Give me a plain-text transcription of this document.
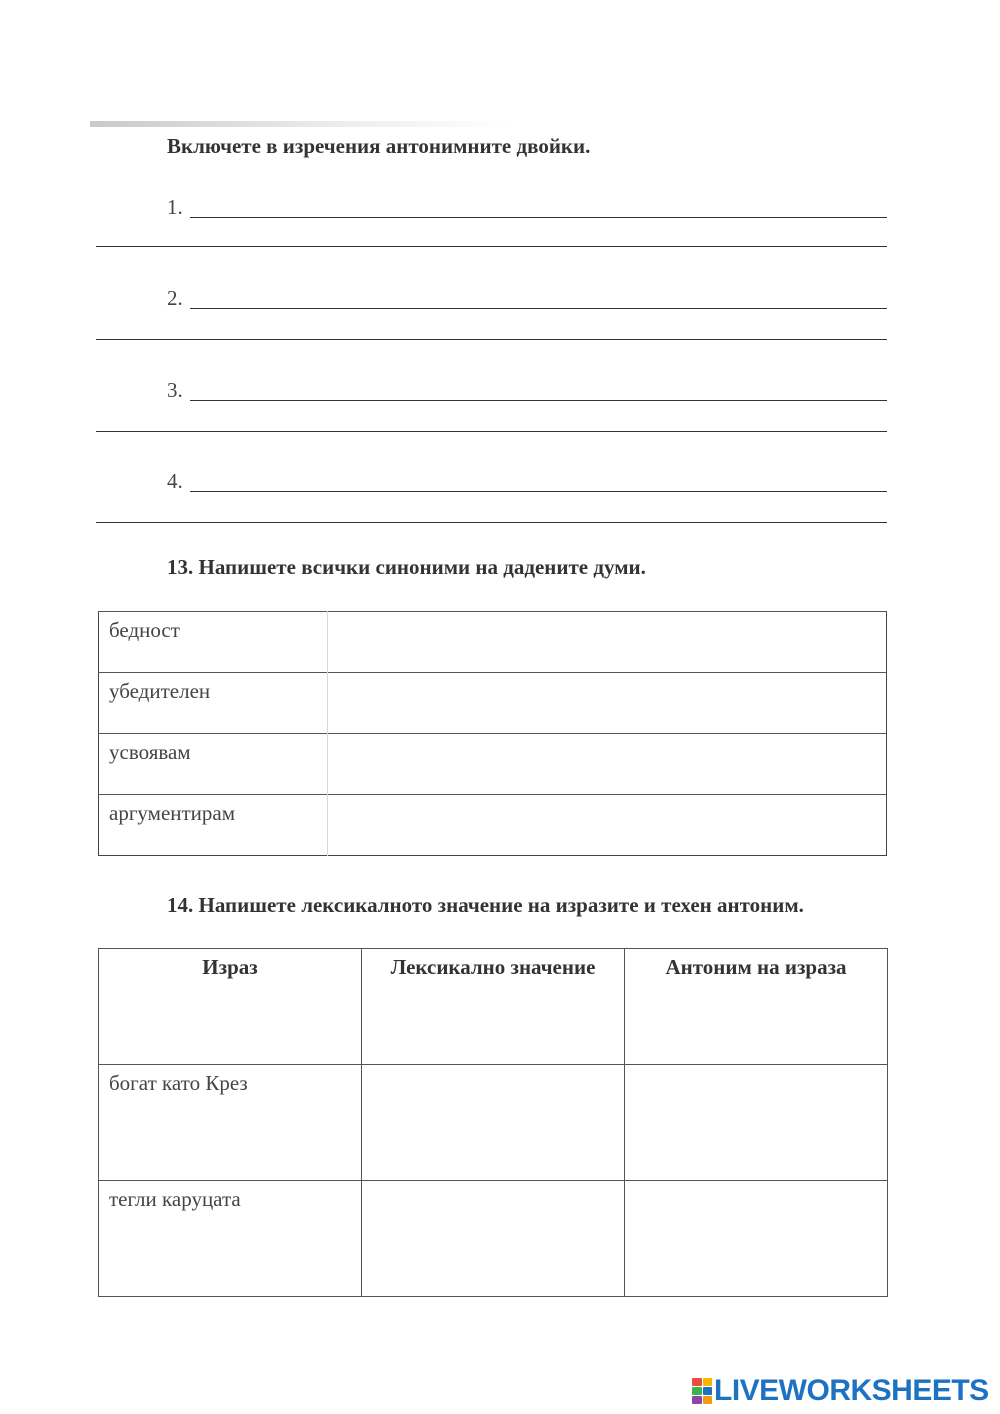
Включете в изречения антонимните двойки.
1.
2.
3.
4.
13. Напишете всички синоними на дадените думи.
бедност	
убедителен	
усвоявам	
аргументирам	
14. Напишете лексикалното значение на изразите и техен антоним.
Израз	Лексикално значение	Антоним на израза
богат като Крез		
тегли каруцата		
LIVEWORKSHEETS
